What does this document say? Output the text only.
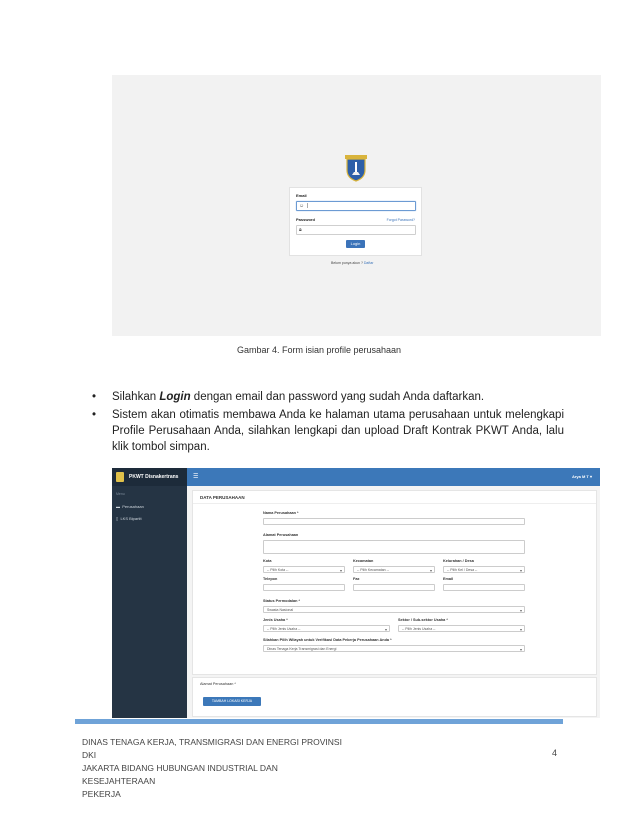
Email
☺ |
Password	Forgot Password?
🔒︎
Login
Belum punya akun ? Daftar
Gambar 4. Form isian profile perusahaan
• Silahkan Login dengan email dan password yang sudah Anda daftarkan.
• Sistem akan otimatis membawa Anda ke halaman utama perusahaan untuk melengkapi Profile Perusahaan Anda, silahkan lengkapi dan upload Draft Kontrak PKWT Anda, lalu klik tombol simpan.
PKWT Disnakertrans
Menu
▬ Perusahaan
▯ LKS Bipartit
☰	Arya M T ▾
DATA PERUSAHAAN
Nama Perusahaan *
Alamat Perusahaan
Kota
-- Pilih Kota -- ▾
Kecamatan
-- Pilih Kecamatan -- ▾
Kelurahan / Desa
-- Pilih Kel / Desa -- ▾
Telepon	Fax	Email
Status Permodalan *
Swasta Nasional ▾
Jenis Usaha *
-- Pilih Jenis Usaha -- ▾
Sektor / Sub-sektor Usaha *
-- Pilih Jenis Usaha -- ▾
Silahkan Pilih Wilayah untuk Verifikasi Data Pekerja Perusahaan Anda *
Dinas Tenaga Kerja Transmigrasi dan Energi ▾
Alamat Perusahaan *
TAMBAH LOKASI KERJA
DINAS TENAGA KERJA, TRANSMIGRASI DAN ENERGI PROVINSI DKI
JAKARTA BIDANG HUBUNGAN INDUSTRIAL DAN KESEJAHTERAAN
PEKERJA
4
